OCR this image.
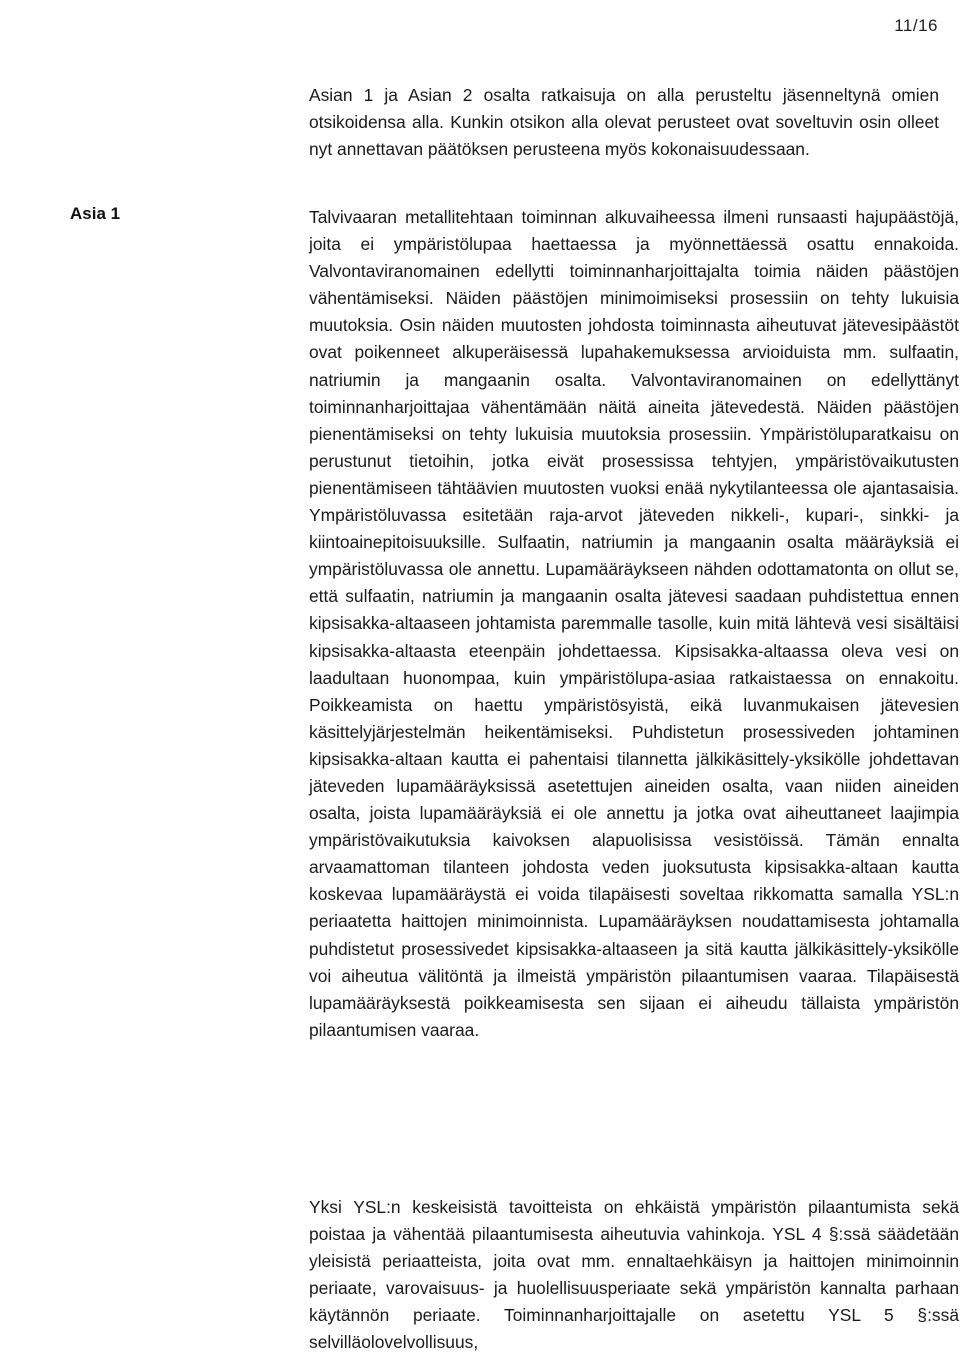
11/16

Asian 1 ja Asian 2 osalta ratkaisuja on alla perusteltu jäsenneltynä omien otsikoidensa alla. Kunkin otsikon alla olevat perusteet ovat soveltuvin osin olleet nyt annettavan päätöksen perusteena myös kokonaisuudessaan.

Asia 1	Talvivaaran metallitehtaan toiminnan alkuvaiheessa ilmeni runsaasti hajupäästöjä, joita ei ympäristölupaa haettaessa ja myönnettäessä osattu ennakoida. Valvontaviranomainen edellytti toiminnanharjoittajalta toimia näiden päästöjen vähentämiseksi. Näiden päästöjen minimoimiseksi prosessiin on tehty lukuisia muutoksia. Osin näiden muutosten johdosta toiminnasta aiheutuvat jätevesipäästöt ovat poikenneet alkuperäisessä lupahakemuksessa arvioiduista mm. sulfaatin, natriumin ja mangaanin osalta. Valvontaviranomainen on edellyttänyt toiminnanharjoittajaa vähentämään näitä aineita jätevedestä. Näiden päästöjen pienentämiseksi on tehty lukuisia muutoksia prosessiin. Ympäristöluparatkaisu on perustunut tietoihin, jotka eivät prosessissa tehtyjen, ympäristövaikutusten pienentämiseen tähtäävien muutosten vuoksi enää nykytilanteessa ole ajantasaisia. Ympäristöluvassa esitetään raja-arvot jäteveden nikkeli-, kupari-, sinkki- ja kiintoainepitoisuuksille. Sulfaatin, natriumin ja mangaanin osalta määräyksiä ei ympäristöluvassa ole annettu. Lupamääräykseen nähden odottamatonta on ollut se, että sulfaatin, natriumin ja mangaanin osalta jätevesi saadaan puhdistettua ennen kipsisakka-altaaseen johtamista paremmalle tasolle, kuin mitä lähtevä vesi sisältäisi kipsisakka-altaasta eteenpäin johdettaessa. Kipsisakka-altaassa oleva vesi on laadultaan huonompaa, kuin ympäristölupa-asiaa ratkaistaessa on ennakoitu. Poikkeamista on haettu ympäristösyistä, eikä luvanmukaisen jätevesien käsittelyjärjestelmän heikentämiseksi. Puhdistetun prosessiveden johtaminen kipsisakka-altaan kautta ei pahentaisi tilannetta jälkikäsittely-yksikölle johdettavan jäteveden lupamääräyksissä asetettujen aineiden osalta, vaan niiden aineiden osalta, joista lupamääräyksiä ei ole annettu ja jotka ovat aiheuttaneet laajimpia ympäristövaikutuksia kaivoksen alapuolisissa vesistöissä. Tämän ennalta arvaamattoman tilanteen johdosta veden juoksutusta kipsisakka-altaan kautta koskevaa lupamääräystä ei voida tilapäisesti soveltaa rikkomatta samalla YSL:n periaatetta haittojen minimoinnista. Lupamääräyksen noudattamisesta johtamalla puhdistetut prosessivedet kipsisakka-altaaseen ja sitä kautta jälkikäsittely-yksikölle voi aiheutua välitöntä ja ilmeistä ympäristön pilaantumisen vaaraa. Tilapäisestä lupamääräyksestä poikkeamisesta sen sijaan ei aiheudu tällaista ympäristön pilaantumisen vaaraa.

Yksi YSL:n keskeisistä tavoitteista on ehkäistä ympäristön pilaantumista sekä poistaa ja vähentää pilaantumisesta aiheutuvia vahinkoja. YSL 4 §:ssä säädetään yleisistä periaatteista, joita ovat mm. ennaltaehkäisyn ja haittojen minimoinnin periaate, varovaisuus- ja huolellisuusperiaate sekä ympäristön kannalta parhaan käytännön periaate. Toiminnanharjoittajalle on asetettu YSL 5 §:ssä selvilläolovelvollisuus,
